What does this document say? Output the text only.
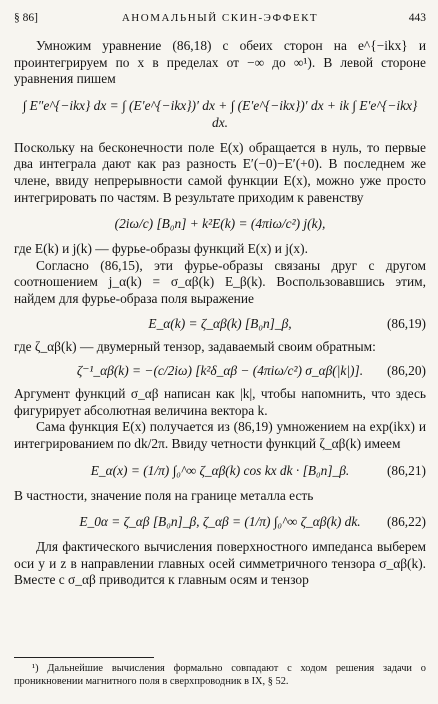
§ 86]	АНОМАЛЬНЫЙ СКИН-ЭФФЕКТ	443

Умножим уравнение (86,18) с обеих сторон на e^{−ikx} и проинтегрируем по x в пределах от −∞ до ∞¹). В левой стороне уравнения пишем

∫ E″e^{−ikx} dx = ∫ (E′e^{−ikx})′ dx + ∫ (E′e^{−ikx})′ dx + ik ∫ E′e^{−ikx} dx.

Поскольку на бесконечности поле E(x) обращается в нуль, то первые два интеграла дают как раз разность E′(−0)−E′(+0). В последнем же члене, ввиду непрерывности самой функции E(x), можно уже просто интегрировать по частям. В результате приходим к равенству

(2iω/c) [B₀n] + k²E(k) = (4πiω/c²) j(k),

где E(k) и j(k) — фурье-образы функций E(x) и j(x).

Согласно (86,15), эти фурье-образы связаны друг с другом соотношением j_α(k) = σ_αβ(k) E_β(k). Воспользовавшись этим, найдем для фурье-образа поля выражение

E_α(k) = ζ_αβ(k) [B₀n]_β,	(86,19)

где ζ_αβ(k) — двумерный тензор, задаваемый своим обратным:

ζ⁻¹_αβ(k) = −(c/2iω) [k²δ_αβ − (4πiω/c²) σ_αβ(|k|)]. (86,20)

Аргумент функций σ_αβ написан как |k|, чтобы напомнить, что здесь фигурирует абсолютная величина вектора k.

Сама функция E(x) получается из (86,19) умножением на exp(ikx) и интегрированием по dk/2π. Ввиду четности функций ζ_αβ(k) имеем

E_α(x) = (1/π) ∫₀^∞ ζ_αβ(k) cos kx dk · [B₀n]_β.	(86,21)

В частности, значение поля на границе металла есть

E_0α = ζ_αβ [B₀n]_β, ζ_αβ = (1/π) ∫₀^∞ ζ_αβ(k) dk. (86,22)

Для фактического вычисления поверхностного импеданса выберем оси y и z в направлении главных осей симметричного тензора σ_αβ(k). Вместе с σ_αβ приводится к главным осям и тензор

¹) Дальнейшие вычисления формально совпадают с ходом решения задачи о проникновении магнитного поля в сверхпроводник в IX, § 52.
